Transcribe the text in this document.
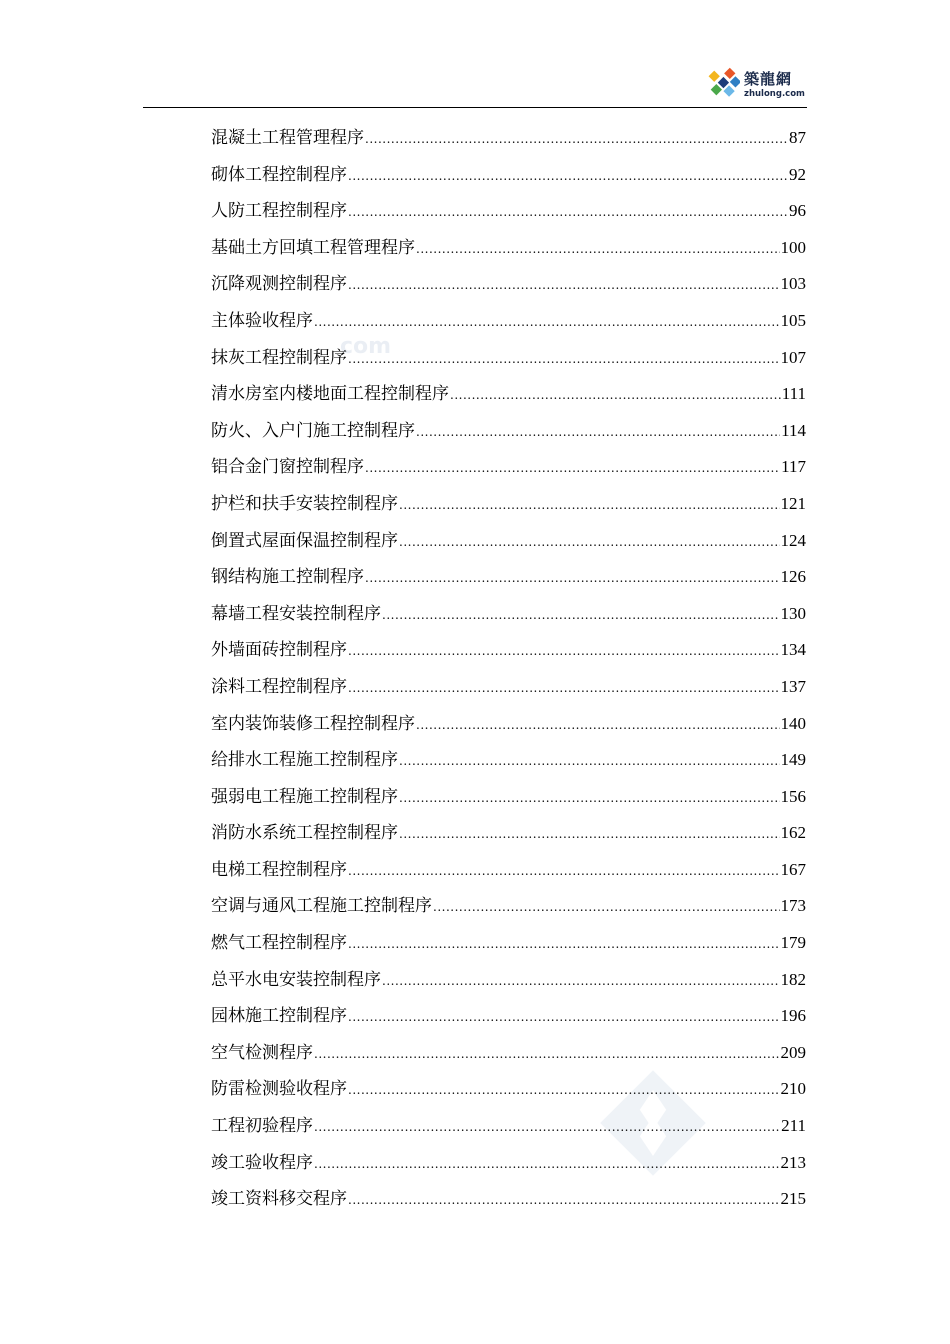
築龍網
zhulong.com
com
混凝土工程管理程序 .....	87
砌体工程控制程序 .....	92
人防工程控制程序 .....	96
基础土方回填工程管理程序 .....	100
沉降观测控制程序 .....	103
主体验收程序 .....	105
抹灰工程控制程序 .....	107
清水房室内楼地面工程控制程序 .....	111
防火、入户门施工控制程序 .....	114
铝合金门窗控制程序 .....	117
护栏和扶手安装控制程序 .....	121
倒置式屋面保温控制程序 .....	124
钢结构施工控制程序 .....	126
幕墙工程安装控制程序 .....	130
外墙面砖控制程序 .....	134
涂料工程控制程序 .....	137
室内装饰装修工程控制程序 .....	140
给排水工程施工控制程序 .....	149
强弱电工程施工控制程序 .....	156
消防水系统工程控制程序 .....	162
电梯工程控制程序 .....	167
空调与通风工程施工控制程序 .....	173
燃气工程控制程序 .....	179
总平水电安装控制程序 .....	182
园林施工控制程序 .....	196
空气检测程序 .....	209
防雷检测验收程序 .....	210
工程初验程序 .....	211
竣工验收程序 .....	213
竣工资料移交程序 .....	215
